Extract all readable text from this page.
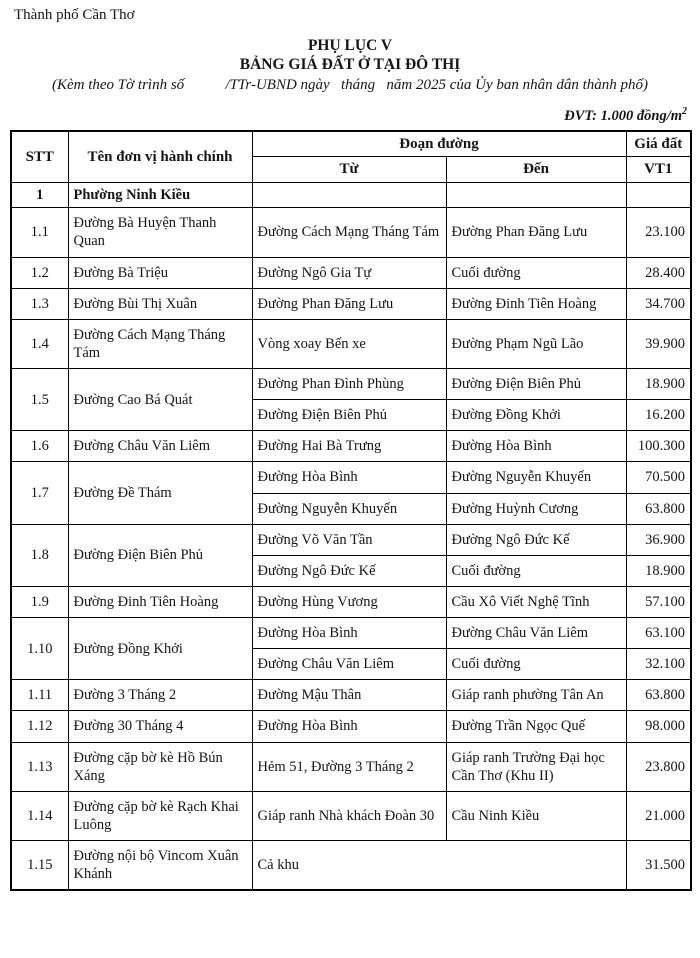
Thành phố Cần Thơ
PHỤ LỤC V
BẢNG GIÁ ĐẤT Ở TẠI ĐÔ THỊ
(Kèm theo Tờ trình số           /TTr-UBND ngày   tháng   năm 2025 của Ủy ban nhân dân thành phố)
ĐVT: 1.000 đồng/$m^2$
STT	Tên đơn vị hành chính	Đoạn đường		Giá đất
		Từ	Đến	VT1
1	Phường Ninh Kiều			
1.1	Đường Bà Huyện Thanh Quan	Đường Cách Mạng Tháng Tám	Đường Phan Đăng Lưu	23.100
1.2	Đường Bà Triệu	Đường Ngô Gia Tự	Cuối đường	28.400
1.3	Đường Bùi Thị Xuân	Đường Phan Đăng Lưu	Đường Đinh Tiên Hoàng	34.700
1.4	Đường Cách Mạng Tháng Tám	Vòng xoay Bến xe	Đường Phạm Ngũ Lão	39.900
1.5	Đường Cao Bá Quát	Đường Phan Đình Phùng	Đường Điện Biên Phủ	18.900
		Đường Điện Biên Phủ	Đường Đồng Khởi	16.200
1.6	Đường Châu Văn Liêm	Đường Hai Bà Trưng	Đường Hòa Bình	100.300
1.7	Đường Đề Thám	Đường Hòa Bình	Đường Nguyễn Khuyến	70.500
		Đường Nguyễn Khuyến	Đường Huỳnh Cương	63.800
1.8	Đường Điện Biên Phủ	Đường Võ Văn Tần	Đường Ngô Đức Kế	36.900
		Đường Ngô Đức Kế	Cuối đường	18.900
1.9	Đường Đinh Tiên Hoàng	Đường Hùng Vương	Cầu Xô Viết Nghệ Tĩnh	57.100
1.10	Đường Đồng Khởi	Đường Hòa Bình	Đường Châu Văn Liêm	63.100
		Đường Châu Văn Liêm	Cuối đường	32.100
1.11	Đường 3 Tháng 2	Đường Mậu Thân	Giáp ranh phường Tân An	63.800
1.12	Đường 30 Tháng 4	Đường Hòa Bình	Đường Trần Ngọc Quế	98.000
1.13	Đường cặp bờ kè Hồ Bún Xáng	Hẻm 51, Đường 3 Tháng 2	Giáp ranh Trường Đại học Cần Thơ (Khu II)	23.800
1.14	Đường cặp bờ kè Rạch Khai Luông	Giáp ranh Nhà khách Đoàn 30	Cầu Ninh Kiều	21.000
1.15	Đường nội bộ Vincom Xuân Khánh	Cả khu		31.500
